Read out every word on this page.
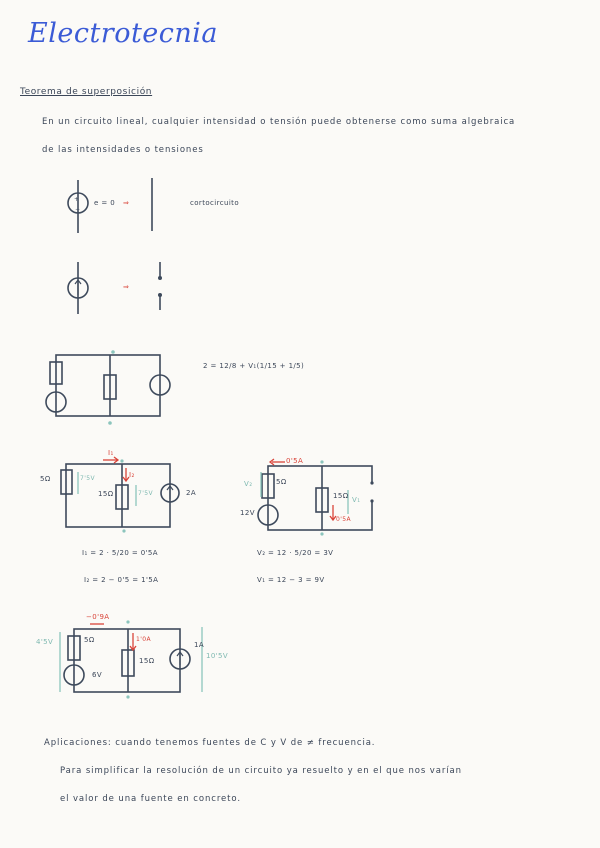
Electrotecnia
Teorema de superposición
En un circuito lineal, cualquier intensidad o tensión puede obtenerse como suma algebraica
de las intensidades o tensiones
+
−
e = 0 ⇒	cortocircuito
⇒
2 = 12/8 + V₁(1/15 + 1/5)
I₁
5Ω	7'5V	I₂
15Ω	7'5V	2A
0'5A
V₂	5Ω
15Ω V₁
12V
0'5A
I₁ = 2 · 5/20 = 0'5A
I₂ = 2 − 0'5 = 1'5A
V₂ = 12 · 5/20 = 3V
V₁ = 12 − 3 = 9V
−0'9A
4'5V	5Ω	1'0A
15Ω
6V
1A
10'5V
Aplicaciones: cuando tenemos fuentes de C y V de ≠ frecuencia.
Para simplificar la resolución de un circuito ya resuelto y en el que nos varían
el valor de una fuente en concreto.
